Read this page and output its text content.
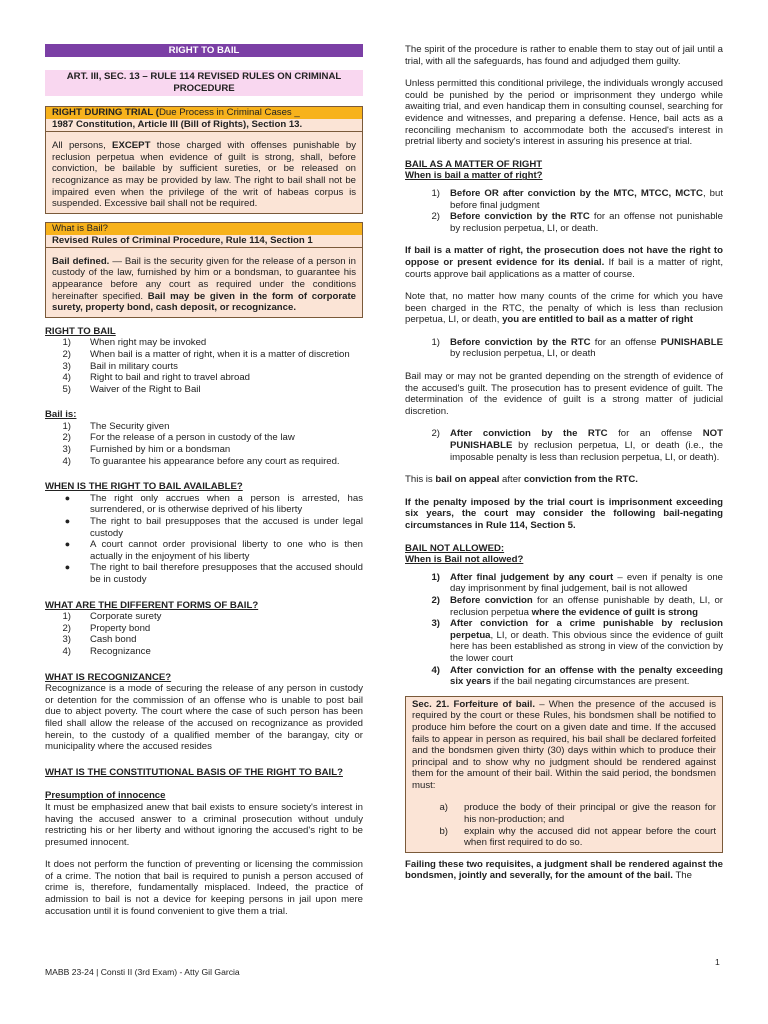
RIGHT TO BAIL
ART. III, SEC. 13 – RULE 114 REVISED RULES ON CRIMINAL PROCEDURE
RIGHT DURING TRIAL (Due Process in Criminal Cases _
1987 Constitution, Article III (Bill of Rights), Section 13.
All persons, EXCEPT those charged with offenses punishable by reclusion perpetua when evidence of guilt is strong, shall, before conviction, be bailable by sufficient sureties, or be released on recognizance as may be provided by law. The right to bail shall not be impaired even when the privilege of the writ of habeas corpus is suspended. Excessive bail shall not be required.
What is Bail?
Revised Rules of Criminal Procedure, Rule 114, Section 1
Bail defined. — Bail is the security given for the release of a person in custody of the law, furnished by him or a bondsman, to guarantee his appearance before any court as required under the conditions hereinafter specified. Bail may be given in the form of corporate surety, property bond, cash deposit, or recognizance.
RIGHT TO BAIL
1)	When right may be invoked
2)	When bail is a matter of right, when it is a matter of discretion
3)	Bail in military courts
4)	Right to bail and right to travel abroad
5)	Waiver of the Right to Bail
Bail is:
1)	The Security given
2)	For the release of a person in custody of the law
3)	Furnished by him or a bondsman
4)	To guarantee his appearance before any court as required.
WHEN IS THE RIGHT TO BAIL AVAILABLE?
●	The right only accrues when a person is arrested, has surrendered, or is otherwise deprived of his liberty
●	The right to bail presupposes that the accused is under legal custody
●	A court cannot order provisional liberty to one who is then actually in the enjoyment of his liberty
●	The right to bail therefore presupposes that the accused should be in custody
WHAT ARE THE DIFFERENT FORMS OF BAIL?
1)	Corporate surety
2)	Property bond
3)	Cash bond
4)	Recognizance
WHAT IS RECOGNIZANCE?

Recognizance is a mode of securing the release of any person in custody or detention for the commission of an offense who is unable to post bail due to abject poverty. The court where the case of such person has been filed shall allow the release of the accused on recognizance as provided herein, to the custody of a qualified member of the barangay, city or municipality where the accused resides

WHAT IS THE CONSTITUTIONAL BASIS OF THE RIGHT TO BAIL?
Presumption of innocence

It must be emphasized anew that bail exists to ensure society's interest in having the accused answer to a criminal prosecution without unduly restricting his or her liberty and without ignoring the accused's right to be presumed innocent.

It does not perform the function of preventing or licensing the commission of a crime. The notion that bail is required to punish a person accused of crime is, therefore, fundamentally misplaced. Indeed, the practice of admission to bail is not a device for keeping persons in jail upon mere accusation until it is found convenient to give them a trial.

The spirit of the procedure is rather to enable them to stay out of jail until a trial, with all the safeguards, has found and adjudged them guilty.

Unless permitted this conditional privilege, the individuals wrongly accused could be punished by the period or imprisonment they undergo while awaiting trial, and even handicap them in consulting counsel, searching for evidence and witnesses, and preparing a defense. Hence, bail acts as a reconciling mechanism to accommodate both the accused's interest in pretrial liberty and society's interest in assuring his presence at trial.

BAIL AS A MATTER OF RIGHT
When is bail a matter of right?
1)	Before OR after conviction by the MTC, MTCC, MCTC, but before final judgment
2)	Before conviction by the RTC for an offense not punishable by reclusion perpetua, LI, or death.

If bail is a matter of right, the prosecution does not have the right to oppose or present evidence for its denial. If bail is a matter of right, courts approve bail applications as a matter of course.

Note that, no matter how many counts of the crime for which you have been charged in the RTC, the penalty of which is less than reclusion perpetua, LI, or death, you are entitled to bail as a matter of right

1)	Before conviction by the RTC for an offense PUNISHABLE by reclusion perpetua, LI, or death

Bail may or may not be granted depending on the strength of evidence of the accused's guilt. The prosecution has to present evidence of guilt. The determination of the evidence of guilt is a strong matter of judicial discretion.

2)	After conviction by the RTC for an offense NOT PUNISHABLE by reclusion perpetua, LI, or death (i.e., the imposable penalty is less than reclusion perpetua, LI, or death).

This is bail on appeal after conviction from the RTC.

If the penalty imposed by the trial court is imprisonment exceeding six years, the court may consider the following bail-negating circumstances in Rule 114, Section 5.

BAIL NOT ALLOWED:
When is Bail not allowed?
1)	After final judgement by any court – even if penalty is one day imprisonment by final judgement, bail is not allowed
2)	Before conviction for an offense punishable by death, LI, or reclusion perpetua where the evidence of guilt is strong
3)	After conviction for a crime punishable by reclusion perpetua, LI, or death. This obvious since the evidence of guilt here has been established as strong in view of the conviction by the lower court
4)	After conviction for an offense with the penalty exceeding six years if the bail negating circumstances are present.

Sec. 21. Forfeiture of bail. – When the presence of the accused is required by the court or these Rules, his bondsmen shall be notified to produce him before the court on a given date and time. If the accused fails to appear in person as required, his bail shall be declared forfeited and the bondsmen given thirty (30) days within which to produce their principal and to show why no judgment should be rendered against them for the amount of their bail. Within the said period, the bondsmen must:

a)	produce the body of their principal or give the reason for his non-production; and
b)	explain why the accused did not appear before the court when first required to do so.

Failing these two requisites, a judgment shall be rendered against the bondsmen, jointly and severally, for the amount of the bail. The

1
MABB 23-24 | Consti II (3rd Exam) - Atty Gil Garcia
